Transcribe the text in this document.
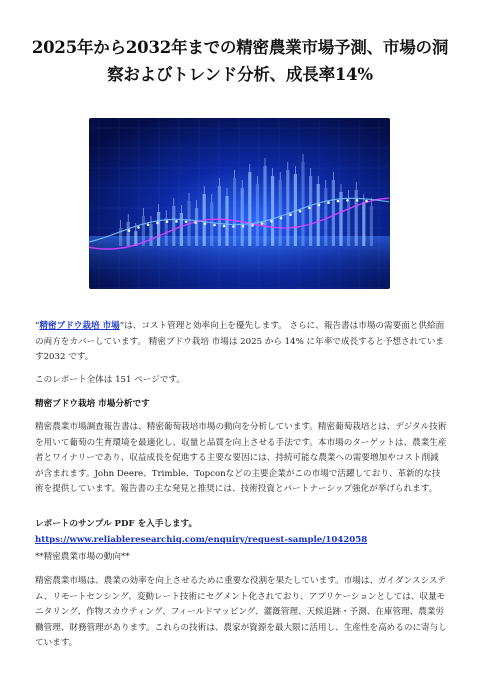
2025年から2032年までの精密農業市場予測、市場の洞察およびトレンド分析、成長率14%
“精密ブドウ栽培 市場”は、コスト管理と効率向上を優先します。 さらに、報告書は市場の需要面と供給面の両方をカバーしています。 精密ブドウ栽培 市場は 2025 から 14% に年率で成長すると予想されています2032 です。
このレポート全体は 151 ページです。
精密ブドウ栽培 市場分析です
精密農業市場調査報告書は、精密葡萄栽培市場の動向を分析しています。精密葡萄栽培とは、デジタル技術を用いて葡萄の生育環境を最適化し、収量と品質を向上させる手法です。本市場のターゲットは、農業生産者とワイナリーであり、収益成長を促進する主要な要因には、持続可能な農業への需要増加やコスト削減が含まれます。John Deere、Trimble、Topconなどの主要企業がこの市場で活躍しており、革新的な技術を提供しています。報告書の主な発見と推奨には、技術投資とパートナーシップ強化が挙げられます。
レポートのサンプル PDF を入手します。  https://www.reliableresearchiq.com/enquiry/request-sample/1042058
**精密農業市場の動向**
精密農業市場は、農業の効率を向上させるために重要な役割を果たしています。市場は、ガイダンスシステム、リモートセンシング、変動レート技術にセグメント化されており、アプリケーションとしては、収量モニタリング、作物スカウティング、フィールドマッピング、灌漑管理、天候追跡・予測、在庫管理、農業労働管理、財務管理があります。これらの技術は、農家が資源を最大限に活用し、生産性を高めるのに寄与しています。
